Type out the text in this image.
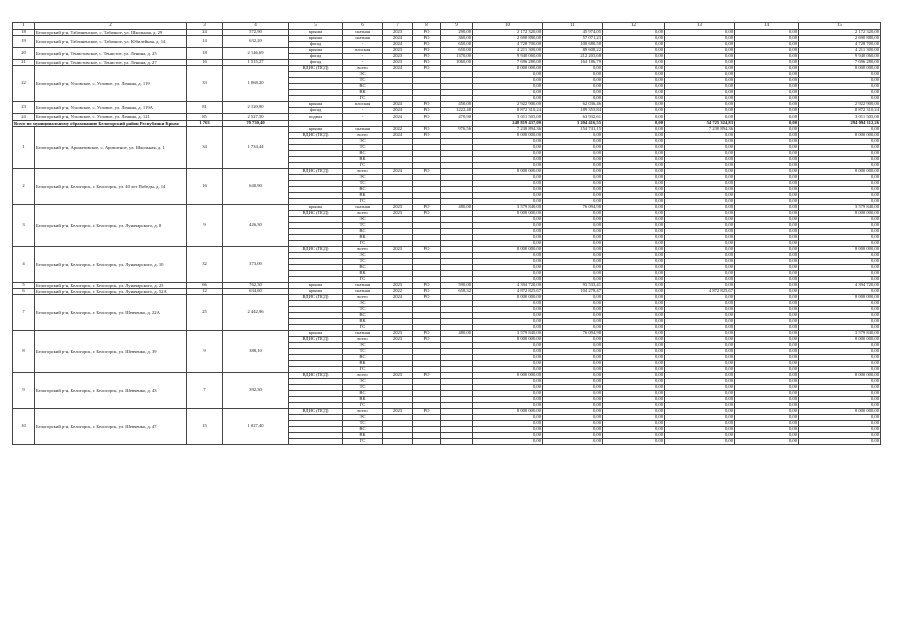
1	2	3	4	5	6	7	8	9	10	11	12	13	14	15
18	Белогорский р-н, Табачненское, с. Табачное, ул. Школьная, д. 29	24	572,90	крыша	скатная	2023	РО	290,00	2 172 320,00	45 974,05	0,00	0,00	0,00	2 172 320,00
19	Белогорский р-н, Табачненское, с. Табачное, ул. Юбилейная, д. 14	14	632,20	крыша	скатная	2024	РО	360,00	2 690 880,00	57 071,23	0,00	0,00	0,00	2 690 880,00
				фасад	-	2024	РО	650,00	4 728 700,00	100 680,58	0,00	0,00	0,00	4 728 700,00
20	Белогорский р-н, Тенистовское, с. Тенистое, ул. Ленина, д. 25	18	2 146,69	крыша	плоская	2023	РО	650,00	4 211 300,00	89 608,22	0,00	0,00	0,00	4 211 300,00
				фасад	-	2023	РО	1370,00	9 940 060,00	212 203,68	0,00	0,00	0,00	9 940 060,00
21	Белогорский р-н, Тенистовское, с. Тенистое, ул. Ленина, д. 27	16	1 515,27	фасад	-	2023	РО	1060,00	7 696 280,00	164 186,79	0,00	0,00	0,00	7 696 280,00
22	Белогорский р-н, Угловское, с. Угловое, ул. Ленина, д. 119	33	1 068,20	ВДИС (ПСД)	всего	2024	РО		8 000 000,00	0,00	0,00	0,00	0,00	8 000 000,00
					ЭС				0,00	0,00	0,00	0,00	0,00	0,00
					ТС				0,00	0,00	0,00	0,00	0,00	0,00
					ВС				0,00	0,00	0,00	0,00	0,00	0,00
					ВК				0,00	0,00	0,00	0,00	0,00	0,00
					ГС				0,00	0,00	0,00	0,00	0,00	0,00
23	Белогорский р-н, Угловское, с. Угловое, ул. Ленина, д. 119А	81	2 120,90	крыша	плоская	2024	РО	450,00	2 922 900,00	62 036,46	0,00	0,00	0,00	2 922 900,00
				фасад	-	2024	РО	1222,48	8 872 310,24	189 353,84	0,00	0,00	0,00	8 872 310,24
24	Белогорский р-н, Угловское, с. Угловое, ул. Ленина, д. 121	85	2 527,50	подвал	-	2024	РО	470,90	3 011 505,00	63 932,61	0,00	0,00	0,00	3 011 505,00
Всего по муниципальному образованию Белогорский район Республики Крым:		1 763	70 730,40						248 819 437,09	3 204 416,55	0,00	54 725 324,83	0,00	294 094 112,26
1	Белогорский р-н, Аромативское, с. Аромлтное, ул. Школьная, д. 1	34	1 734,44	крыша	скатная	2022	РО	976,56	7 230 894,36	154 741,15	0,00	7 230 894,36	0,00	0,00
				ВДИС (ПСД)	всего	2024	РО		8 000 000,00	0,00	0,00	0,00	0,00	8 000 000,00
					ЭС				0,00	0,00	0,00	0,00	0,00	0,00
					ТС				0,00	0,00	0,00	0,00	0,00	0,00
					ВС				0,00	0,00	0,00	0,00	0,00	0,00
					ВК				0,00	0,00	0,00	0,00	0,00	0,00
					ГС				0,00	0,00	0,00	0,00	0,00	0,00
2	Белогорский р-н, Белогорск, г. Белогорск, ул. 40 лет Победы, д. 14	16	640,90	ВДИС (ПСД)	всего	2024	РО		8 000 000,00	0,00	0,00	0,00	0,00	8 000 000,00
					ЭС				0,00	0,00	0,00	0,00	0,00	0,00
					ТС				0,00	0,00	0,00	0,00	0,00	0,00
					ВС				0,00	0,00	0,00	0,00	0,00	0,00
					ВК				0,00	0,00	0,00	0,00	0,00	0,00
					ГС				0,00	0,00	0,00	0,00	0,00	0,00
3	Белогорский р-н, Белогорск, г. Белогорск, ул. Луначарского, д. 8	9	426,30	крыша	скатная	2023	РО	480,00	3 579 840,00	76 094,98	0,00	0,00	0,00	3 579 840,00
				ВДИС (ПСД)	всего	2023	РО		8 000 000,00	0,00	0,00	0,00	0,00	8 000 000,00
					ЭС				0,00	0,00	0,00	0,00	0,00	0,00
					ТС				0,00	0,00	0,00	0,00	0,00	0,00
					ВС				0,00	0,00	0,00	0,00	0,00	0,00
					ВК				0,00	0,00	0,00	0,00	0,00	0,00
					ГС				0,00	0,00	0,00	0,00	0,00	0,00
4	Белогорский р-н, Белогорск, г. Белогорск, ул. Луначарского, д. 10	32	373,00	ВДИС (ПСД)	всего	2023	РО		8 000 000,00	0,00	0,00	0,00	0,00	8 000 000,00
					ЭС				0,00	0,00	0,00	0,00	0,00	0,00
					ТС				0,00	0,00	0,00	0,00	0,00	0,00
					ВС				0,00	0,00	0,00	0,00	0,00	0,00
					ВК				0,00	0,00	0,00	0,00	0,00	0,00
					ГС				0,00	0,00	0,00	0,00	0,00	0,00
5	Белогорский р-н, Белогорск, г. Белогорск, ул. Луначарского, д. 25	66	762,30	крыша	скатная	2023	РО	590,00	4 394 720,00	93 533,41	0,00	0,00	0,00	4 394 720,00
6	Белогорский р-н, Белогорск, г. Белогорск, ул. Луначарского, д. 52А	12	634,60	крыша	скатная	2022	РО	658,32	4 872 825,67	104 278,47	0,00	4 872 825,67	0,00	0,00
7	Белогорский р-н, Белогорск, г. Белогорск, ул. Шевченко, д. 22А	25	2 442,96	ВДИС (ПСД)	всего	2024	РО		8 000 000,00	0,00	0,00	0,00	0,00	8 000 000,00
					ЭС				0,00	0,00	0,00	0,00	0,00	0,00
					ТС				0,00	0,00	0,00	0,00	0,00	0,00
					ВС				0,00	0,00	0,00	0,00	0,00	0,00
					ВК				0,00	0,00	0,00	0,00	0,00	0,00
					ГС				0,00	0,00	0,00	0,00	0,00	0,00
8	Белогорский р-н, Белогорск, г. Белогорск, ул. Шевченко, д. 39	9	388,10	крыша	скатная	2023	РО	480,00	3 579 840,00	76 094,98	0,00	0,00	0,00	3 579 840,00
				ВДИС (ПСД)	всего	2023	РО		8 000 000,00	0,00	0,00	0,00	0,00	8 000 000,00
					ЭС				0,00	0,00	0,00	0,00	0,00	0,00
					ТС				0,00	0,00	0,00	0,00	0,00	0,00
					ВС				0,00	0,00	0,00	0,00	0,00	0,00
					ВК				0,00	0,00	0,00	0,00	0,00	0,00
					ГС				0,00	0,00	0,00	0,00	0,00	0,00
9	Белогорский р-н, Белогорск, г. Белогорск, ул. Шевченко, д. 43	7	392,30	ВДИС (ПСД)	всего	2023	РО		8 000 000,00	0,00	0,00	0,00	0,00	8 000 000,00
					ЭС				0,00	0,00	0,00	0,00	0,00	0,00
					ТС				0,00	0,00	0,00	0,00	0,00	0,00
					ВС				0,00	0,00	0,00	0,00	0,00	0,00
					ВК				0,00	0,00	0,00	0,00	0,00	0,00
					ГС				0,00	0,00	0,00	0,00	0,00	0,00
10	Белогорский р-н, Белогорск, г. Белогорск, ул. Шевченко, д. 47	15	1 027,40	ВДИС (ПСД)	всего	2023	РО		8 000 000,00	0,00	0,00	0,00	0,00	8 000 000,00
					ЭС				0,00	0,00	0,00	0,00	0,00	0,00
					ТС				0,00	0,00	0,00	0,00	0,00	0,00
					ВС				0,00	0,00	0,00	0,00	0,00	0,00
					ВК				0,00	0,00	0,00	0,00	0,00	0,00
					ГС				0,00	0,00	0,00	0,00	0,00	0,00
